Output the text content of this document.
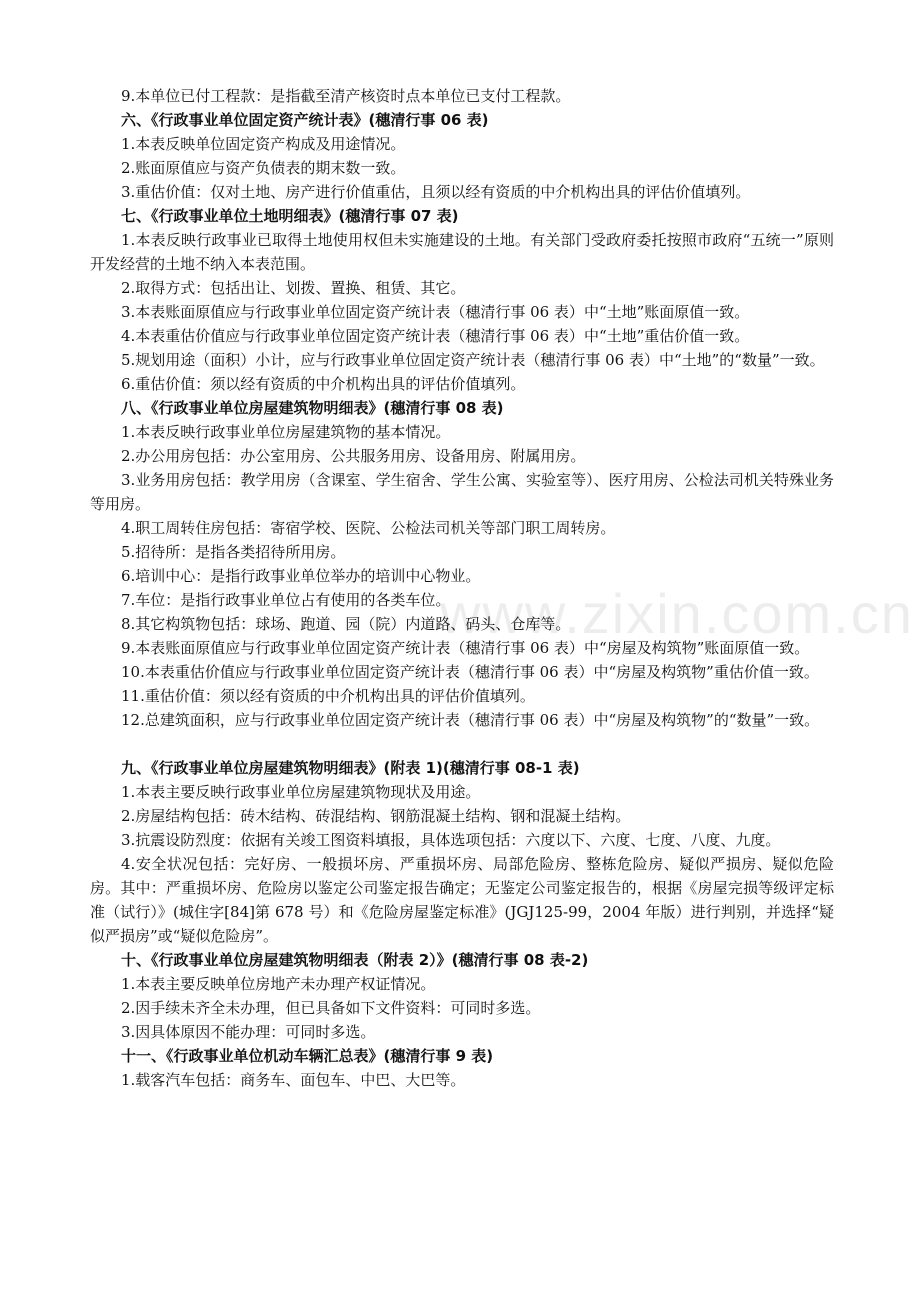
9.本单位已付工程款：是指截至清产核资时点本单位已支付工程款。
六、《行政事业单位固定资产统计表》(穗清行事 06 表)
1.本表反映单位固定资产构成及用途情况。
2.账面原值应与资产负债表的期末数一致。
3.重估价值：仅对土地、房产进行价值重估，且须以经有资质的中介机构出具的评估价值填列。
七、《行政事业单位土地明细表》(穗清行事 07 表)
1.本表反映行政事业已取得土地使用权但未实施建设的土地。有关部门受政府委托按照市政府“五统一”原则开发经营的土地不纳入本表范围。
2.取得方式：包括出让、划拨、置换、租赁、其它。
3.本表账面原值应与行政事业单位固定资产统计表（穗清行事 06 表）中“土地”账面原值一致。
4.本表重估价值应与行政事业单位固定资产统计表（穗清行事 06 表）中“土地”重估价值一致。
5.规划用途（面积）小计，应与行政事业单位固定资产统计表（穗清行事 06 表）中“土地”的“数量”一致。
6.重估价值：须以经有资质的中介机构出具的评估价值填列。
八、《行政事业单位房屋建筑物明细表》(穗清行事 08 表)
1.本表反映行政事业单位房屋建筑物的基本情况。
2.办公用房包括：办公室用房、公共服务用房、设备用房、附属用房。
3.业务用房包括：教学用房（含课室、学生宿舍、学生公寓、实验室等）、医疗用房、公检法司机关特殊业务等用房。
4.职工周转住房包括：寄宿学校、医院、公检法司机关等部门职工周转房。
5.招待所：是指各类招待所用房。
6.培训中心：是指行政事业单位举办的培训中心物业。
7.车位：是指行政事业单位占有使用的各类车位。
8.其它构筑物包括：球场、跑道、园（院）内道路、码头、仓库等。
9.本表账面原值应与行政事业单位固定资产统计表（穗清行事 06 表）中“房屋及构筑物”账面原值一致。
10.本表重估价值应与行政事业单位固定资产统计表（穗清行事 06 表）中“房屋及构筑物”重估价值一致。
11.重估价值：须以经有资质的中介机构出具的评估价值填列。
12.总建筑面积，应与行政事业单位固定资产统计表（穗清行事 06 表）中“房屋及构筑物”的“数量”一致。
九、《行政事业单位房屋建筑物明细表》(附表 1)(穗清行事 08-1 表)
1.本表主要反映行政事业单位房屋建筑物现状及用途。
2.房屋结构包括：砖木结构、砖混结构、钢筋混凝土结构、钢和混凝土结构。
3.抗震设防烈度：依据有关竣工图资料填报，具体选项包括：六度以下、六度、七度、八度、九度。
4.安全状况包括：完好房、一般损坏房、严重损坏房、局部危险房、整栋危险房、疑似严损房、疑似危险房。其中：严重损坏房、危险房以鉴定公司鉴定报告确定；无鉴定公司鉴定报告的，根据《房屋完损等级评定标准（试行）》(城住字[84]第 678 号）和《危险房屋鉴定标准》(JGJ125-99，2004 年版）进行判别，并选择“疑似严损房”或“疑似危险房”。
十、《行政事业单位房屋建筑物明细表（附表 2）》(穗清行事 08 表-2)
1.本表主要反映单位房地产未办理产权证情况。
2.因手续未齐全未办理，但已具备如下文件资料：可同时多选。
3.因具体原因不能办理：可同时多选。
十一、《行政事业单位机动车辆汇总表》(穗清行事 9 表)
1.载客汽车包括：商务车、面包车、中巴、大巴等。
www.zixin.com.cn
